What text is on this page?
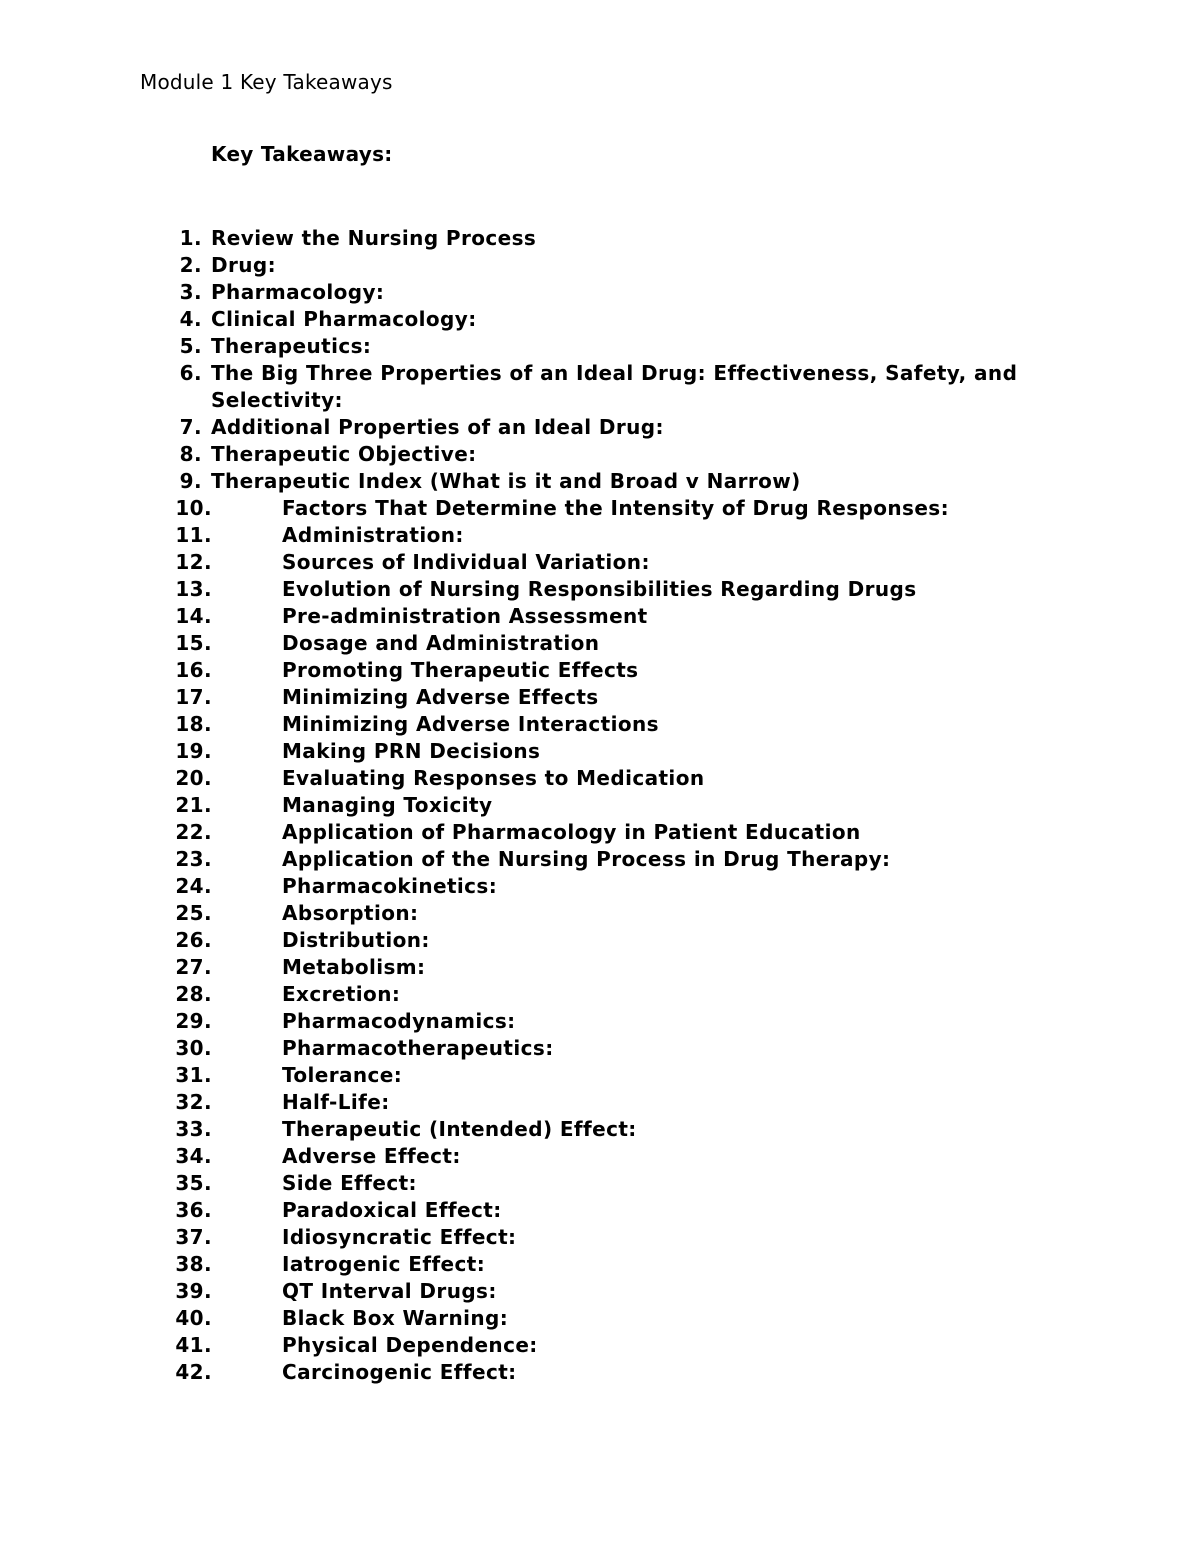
Module 1 Key Takeaways
Key Takeaways:
1. Review the Nursing Process
2. Drug:
3. Pharmacology:
4. Clinical Pharmacology:
5. Therapeutics:
6. The Big Three Properties of an Ideal Drug: Effectiveness, Safety, and Selectivity:
7. Additional Properties of an Ideal Drug:
8. Therapeutic Objective:
9. Therapeutic Index (What is it and Broad v Narrow)
10.	Factors That Determine the Intensity of Drug Responses:
11.	Administration:
12.	Sources of Individual Variation:
13.	Evolution of Nursing Responsibilities Regarding Drugs
14.	Pre-administration Assessment
15.	Dosage and Administration
16.	Promoting Therapeutic Effects
17.	Minimizing Adverse Effects
18.	Minimizing Adverse Interactions
19.	Making PRN Decisions
20.	Evaluating Responses to Medication
21.	Managing Toxicity
22.	Application of Pharmacology in Patient Education
23.	Application of the Nursing Process in Drug Therapy:
24.	Pharmacokinetics:
25.	Absorption:
26.	Distribution:
27.	Metabolism:
28.	Excretion:
29.	Pharmacodynamics:
30.	Pharmacotherapeutics:
31.	Tolerance:
32.	Half-Life:
33.	Therapeutic (Intended) Effect:
34.	Adverse Effect:
35.	Side Effect:
36.	Paradoxical Effect:
37.	Idiosyncratic Effect:
38.	Iatrogenic Effect:
39.	QT Interval Drugs:
40.	Black Box Warning:
41.	Physical Dependence:
42.	Carcinogenic Effect:
